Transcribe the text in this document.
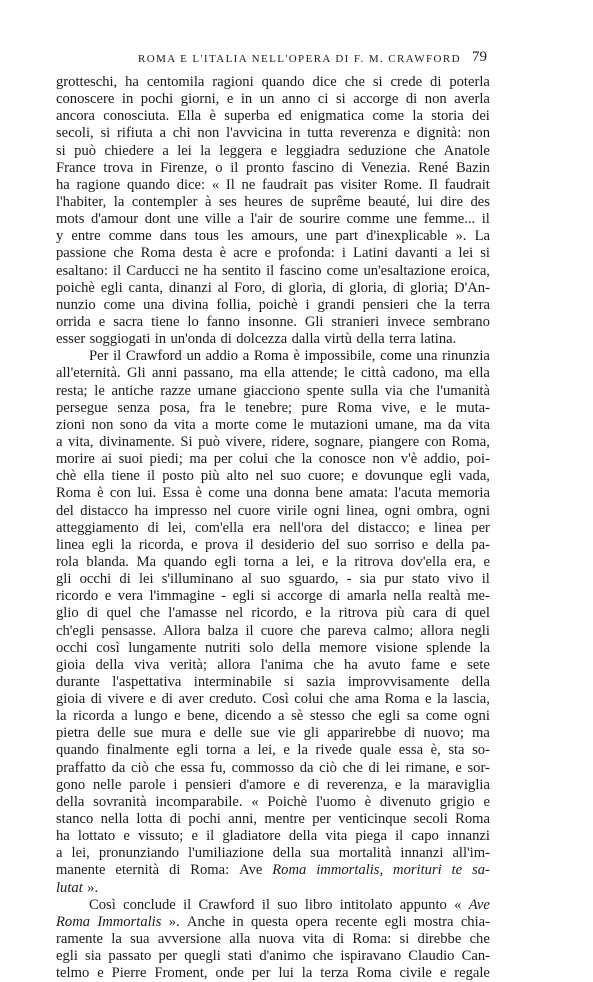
ROMA E L'ITALIA NELL'OPERA DI F. M. CRAWFORD 79
grotteschi, ha centomila ragioni quando dice che si crede di poterla
conoscere in pochi giorni, e in un anno ci si accorge di non averla
ancora conosciuta. Ella è superba ed enigmatica come la storia dei
secoli, si rifiuta a chi non l'avvicina in tutta reverenza e dignità: non
si può chiedere a lei la leggera e leggiadra seduzione che Anatole
France trova in Firenze, o il pronto fascino di Venezia. René Bazin
ha ragione quando dice: « Il ne faudrait pas visiter Rome. Il faudrait
l'habiter, la contempler à ses heures de suprême beauté, lui dire des
mots d'amour dont une ville a l'air de sourire comme une femme... il
y entre comme dans tous les amours, une part d'inexplicable ». La
passione che Roma desta è acre e profonda: i Latini davanti a lei si
esaltano: il Carducci ne ha sentito il fascino come un'esaltazione eroica,
poichè egli canta, dinanzi al Foro, di gloria, di gloria, di gloria; D'An-
nunzio come una divina follia, poichè i grandi pensieri che la terra
orrida e sacra tiene lo fanno insonne. Gli stranieri invece sembrano
esser soggiogati in un'onda di dolcezza dalla virtù della terra latina.
Per il Crawford un addio a Roma è impossibile, come una rinunzia
all'eternità. Gli anni passano, ma ella attende; le città cadono, ma ella
resta; le antiche razze umane giacciono spente sulla via che l'umanità
persegue senza posa, fra le tenebre; pure Roma vive, e le muta-
zioni non sono da vita a morte come le mutazioni umane, ma da vita
a vita, divinamente. Si può vivere, ridere, sognare, piangere con Roma,
morire ai suoi piedi; ma per colui che la conosce non v'è addio, poi-
chè ella tiene il posto più alto nel suo cuore; e dovunque egli vada,
Roma è con lui. Essa è come una donna bene amata: l'acuta memoria
del distacco ha impresso nel cuore virile ogni linea, ogni ombra, ogni
atteggiamento di lei, com'ella era nell'ora del distacco; e linea per
linea egli la ricorda, e prova il desiderio del suo sorriso e della pa-
rola blanda. Ma quando egli torna a lei, e la ritrova dov'ella era, e
gli occhi di lei s'illuminano al suo sguardo, - sia pur stato vivo il
ricordo e vera l'immagine - egli si accorge di amarla nella realtà me-
glio di quel che l'amasse nel ricordo, e la ritrova più cara di quel
ch'egli pensasse. Allora balza il cuore che pareva calmo; allora negli
occhi così lungamente nutriti solo della memore visione splende la
gioia della viva verità; allora l'anima che ha avuto fame e sete
durante l'aspettativa interminabile si sazia improvvisamente della
gioia di vivere e di aver creduto. Così colui che ama Roma e la lascia,
la ricorda a lungo e bene, dicendo a sè stesso che egli sa come ogni
pietra delle sue mura e delle sue vie gli apparirebbe di nuovo; ma
quando finalmente egli torna a lei, e la rivede quale essa è, sta so-
praffatto da ciò che essa fu, commosso da ciò che di lei rimane, e sor-
gono nelle parole i pensieri d'amore e di reverenza, e la maraviglia
della sovranità incomparabile. « Poichè l'uomo è divenuto grigio e
stanco nella lotta di pochi anni, mentre per venticinque secoli Roma
ha lottato e vissuto; e il gladiatore della vita piega il capo innanzi
a lei, pronunziando l'umiliazione della sua mortalità innanzi all'im-
manente eternità di Roma: Ave Roma immortalis, morituri te sa-
lutat ».
Così conclude il Crawford il suo libro intitolato appunto « Ave
Roma Immortalis ». Anche in questa opera recente egli mostra chia-
ramente la sua avversione alla nuova vita di Roma: si direbbe che
egli sia passato per quegli stati d'animo che ispiravano Claudio Can-
telmo e Pierre Froment, onde per lui la terza Roma civile e regale
